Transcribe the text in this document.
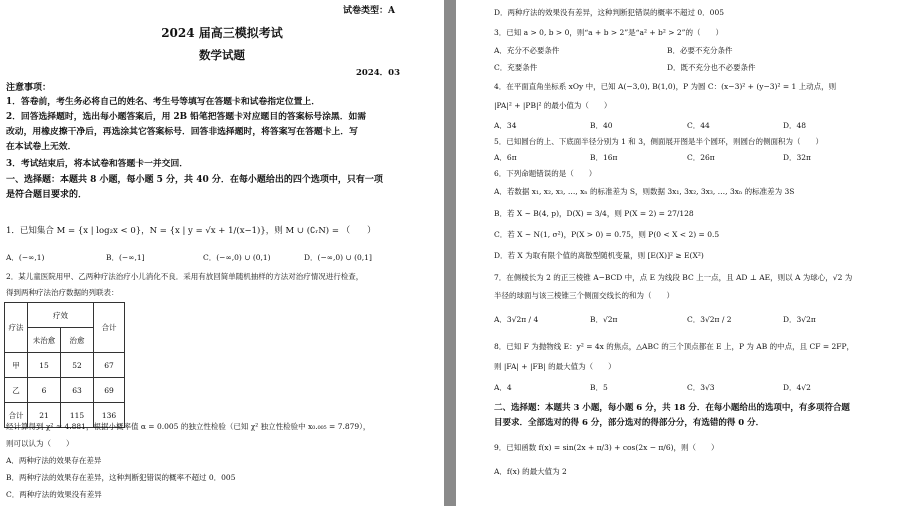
试卷类型：A
2024 届高三模拟考试
数学试题
2024．03
注意事项：
1．答卷前，考生务必将自己的姓名、考生号等填写在答题卡和试卷指定位置上．
2．回答选择题时，选出每小题答案后，用 2B 铅笔把答题卡对应题目的答案标号涂黑．如需
改动，用橡皮擦干净后，再选涂其它答案标号．回答非选择题时，将答案写在答题卡上．写
在本试卷上无效．
3．考试结束后，将本试卷和答题卡一并交回．
一、选择题：本题共 8 小题，每小题 5 分，共 40 分．在每小题给出的四个选项中，只有一项
是符合题目要求的．
1．已知集合 M = {x | log₂x < 0}，N = {x | y = √x + 1/(x−1)}，则 M ∪ (∁ᵣN) = （　　）
A．(−∞,1)	B．(−∞,1]	C．(−∞,0) ∪ (0,1)	D．(−∞,0) ∪ (0,1]
2．某儿童医院用甲、乙两种疗法治疗小儿消化不良．采用有放回简单随机抽样的方法对治疗情况进行检查，
得到两种疗法治疗数据的列联表：
疗法	疗效		合计
	未治愈	治愈	
甲	15	52	67
乙	6	63	69
合计	21	115	136
经计算得到 χ² ≈ 4.881，根据小概率值 α = 0.005 的独立性检验（已知 χ² 独立性检验中 x₀.₀₀₅ = 7.879），
则可以认为（　　）
A．两种疗法的效果存在差异
B．两种疗法的效果存在差异，这种判断犯错误的概率不超过 0．005
C．两种疗法的效果没有差异
D．两种疗法的效果没有差异，这种判断犯错误的概率不超过 0．005
3．已知 a > 0, b > 0，则“a + b > 2”是“a² + b² > 2”的（　　）
A．充分不必要条件	B．必要不充分条件
C．充要条件	D．既不充分也不必要条件
4．在平面直角坐标系 xOy 中，已知 A(−3,0), B(1,0)，P 为圆 C：(x−3)² + (y−3)² = 1 上动点，则
|PA|² + |PB|² 的最小值为（　　）
A．34	B．40	C．44	D．48
5．已知圆台的上、下底面半径分别为 1 和 3，侧面展开图是半个圆环，则圆台的侧面积为（　　）
A．6π	B．16π	C．26π	D．32π
6．下列命题错误的是（　　）
A．若数据 x₁, x₂, x₃, …, xₙ 的标准差为 S，则数据 3x₁, 3x₂, 3x₃, …, 3xₙ 的标准差为 3S
B．若 X ~ B(4, p)，D(X) = 3/4，则 P(X = 2) = 27/128
C．若 X ~ N(1, σ²)，P(X > 0) = 0.75，则 P(0 < X < 2) = 0.5
D．若 X 为取有限个值的离散型随机变量，则 [E(X)]² ≥ E(X²)
7．在侧棱长为 2 的正三棱锥 A−BCD 中，点 E 为线段 BC 上一点，且 AD ⊥ AE，则以 A 为球心，√2 为
半径的球面与该三棱锥三个侧面交线长的和为（　　）
A．3√2π / 4	B．√2π	C．3√2π / 2	D．3√2π
8．已知 F 为抛物线 E：y² = 4x 的焦点，△ABC 的三个顶点都在 E 上，P 为 AB 的中点，且 CF = 2FP，
则 |FA| + |FB| 的最大值为（　　）
A．4	B．5	C．3√3	D．4√2
二、选择题：本题共 3 小题，每小题 6 分，共 18 分．在每小题给出的选项中，有多项符合题
目要求．全部选对的得 6 分，部分选对的得部分分，有选错的得 0 分．
9．已知函数 f(x) = sin(2x + π/3) + cos(2x − π/6)，则（　　）
A．f(x) 的最大值为 2
